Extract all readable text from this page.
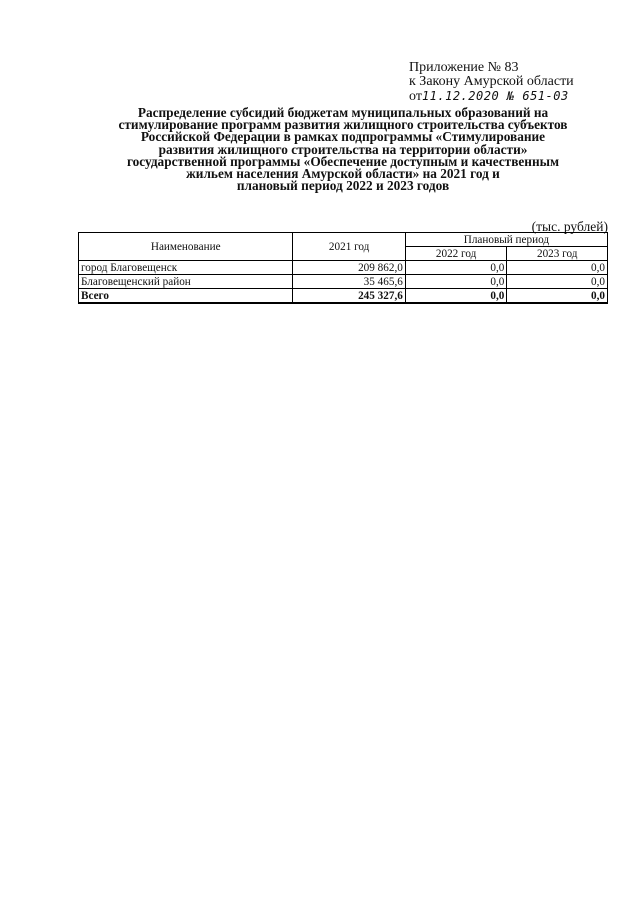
Приложение № 83
к Закону Амурской области
от11.12.2020 № 651-03
Распределение субсидий бюджетам муниципальных образований на
стимулирование программ развития жилищного строительства субъектов
Российской Федерации в рамках подпрограммы «Стимулирование
развития жилищного строительства на территории области»
государственной программы «Обеспечение доступным и качественным
жильем населения Амурской области» на 2021 год и
плановый период 2022 и 2023 годов
(тыс. рублей)
Наименование	2021 год	Плановый период	
		2022 год	2023 год
город Благовещенск	209 862,0	0,0	0,0
Благовещенский район	35 465,6	0,0	0,0
Всего	245 327,6	0,0	0,0
